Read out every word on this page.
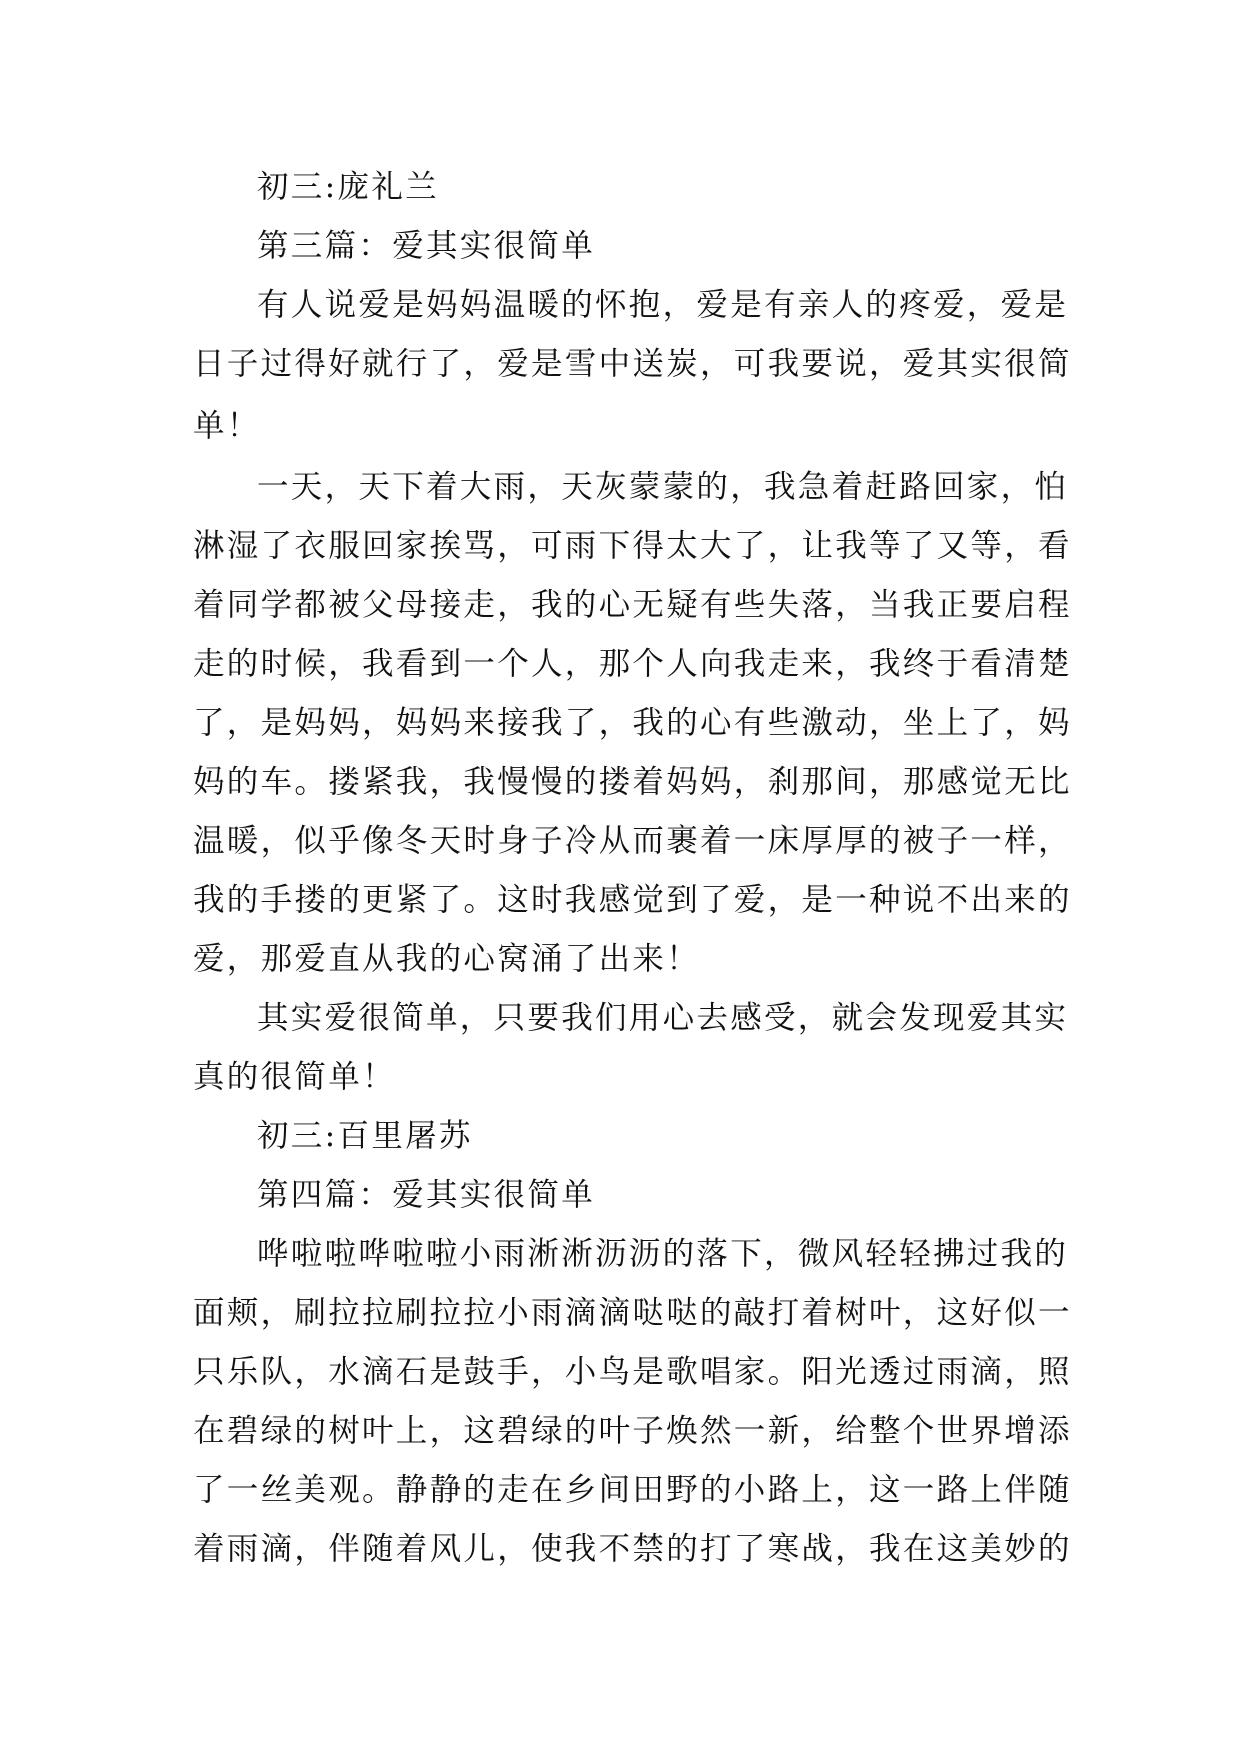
初三:庞礼兰
第三篇：爱其实很简单
有人说爱是妈妈温暖的怀抱，爱是有亲人的疼爱，爱是
日子过得好就行了，爱是雪中送炭，可我要说，爱其实很简
单！
一天，天下着大雨，天灰蒙蒙的，我急着赶路回家，怕
淋湿了衣服回家挨骂，可雨下得太大了，让我等了又等，看
着同学都被父母接走，我的心无疑有些失落，当我正要启程
走的时候，我看到一个人，那个人向我走来，我终于看清楚
了，是妈妈，妈妈来接我了，我的心有些激动，坐上了，妈
妈的车。搂紧我，我慢慢的搂着妈妈，刹那间，那感觉无比
温暖，似乎像冬天时身子冷从而裹着一床厚厚的被子一样，
我的手搂的更紧了。这时我感觉到了爱，是一种说不出来的
爱，那爱直从我的心窝涌了出来！
其实爱很简单，只要我们用心去感受，就会发现爱其实
真的很简单！
初三:百里屠苏
第四篇：爱其实很简单
哗啦啦哗啦啦小雨淅淅沥沥的落下，微风轻轻拂过我的
面颊，刷拉拉刷拉拉小雨滴滴哒哒的敲打着树叶，这好似一
只乐队，水滴石是鼓手，小鸟是歌唱家。阳光透过雨滴，照
在碧绿的树叶上，这碧绿的叶子焕然一新，给整个世界增添
了一丝美观。静静的走在乡间田野的小路上，这一路上伴随
着雨滴，伴随着风儿，使我不禁的打了寒战，我在这美妙的
